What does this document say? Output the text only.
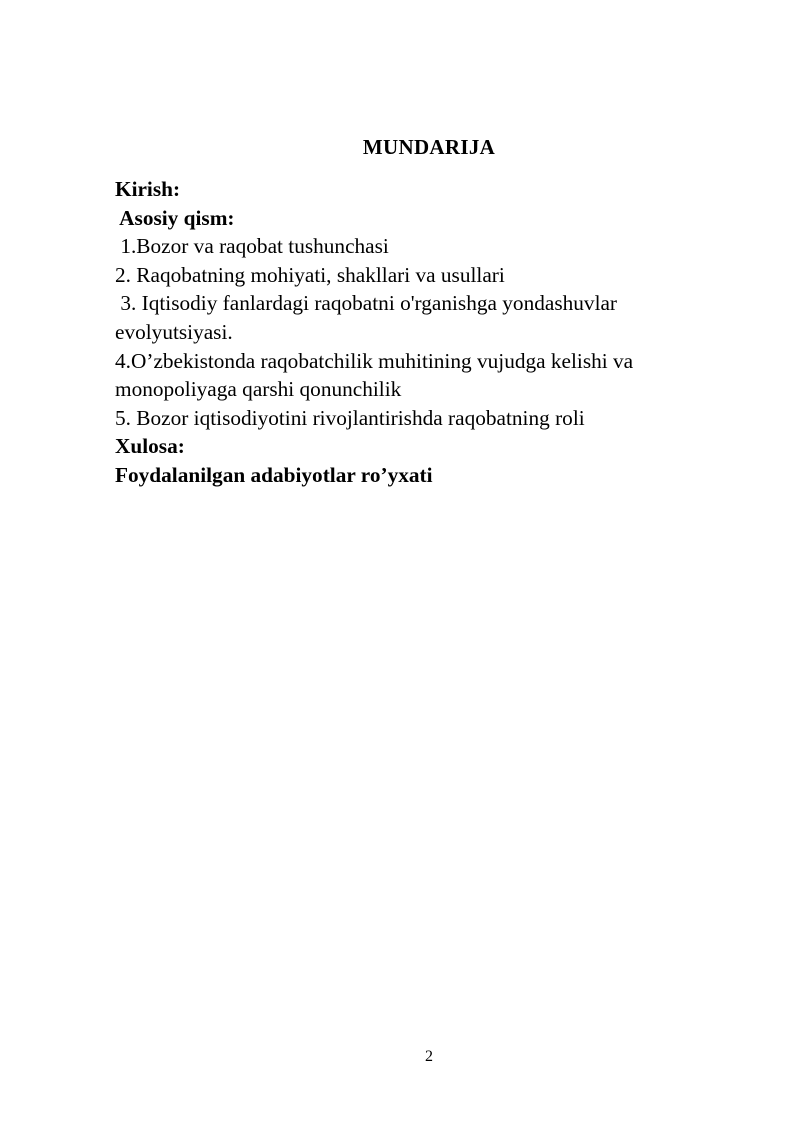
MUNDARIJA
Kirish:
Asosiy qism:
1.Bozor va raqobat tushunchasi
2. Raqobatning mohiyati, shakllari va usullari
3. Iqtisodiy fanlardagi raqobatni o'rganishga yondashuvlar
evolyutsiyasi.
4.O’zbekistonda raqobatchilik muhitining vujudga kelishi va
monopoliyaga qarshi qonunchilik
5. Bozor iqtisodiyotini rivojlantirishda raqobatning roli
Xulosa:
Foydalanilgan adabiyotlar ro’yxati
2
